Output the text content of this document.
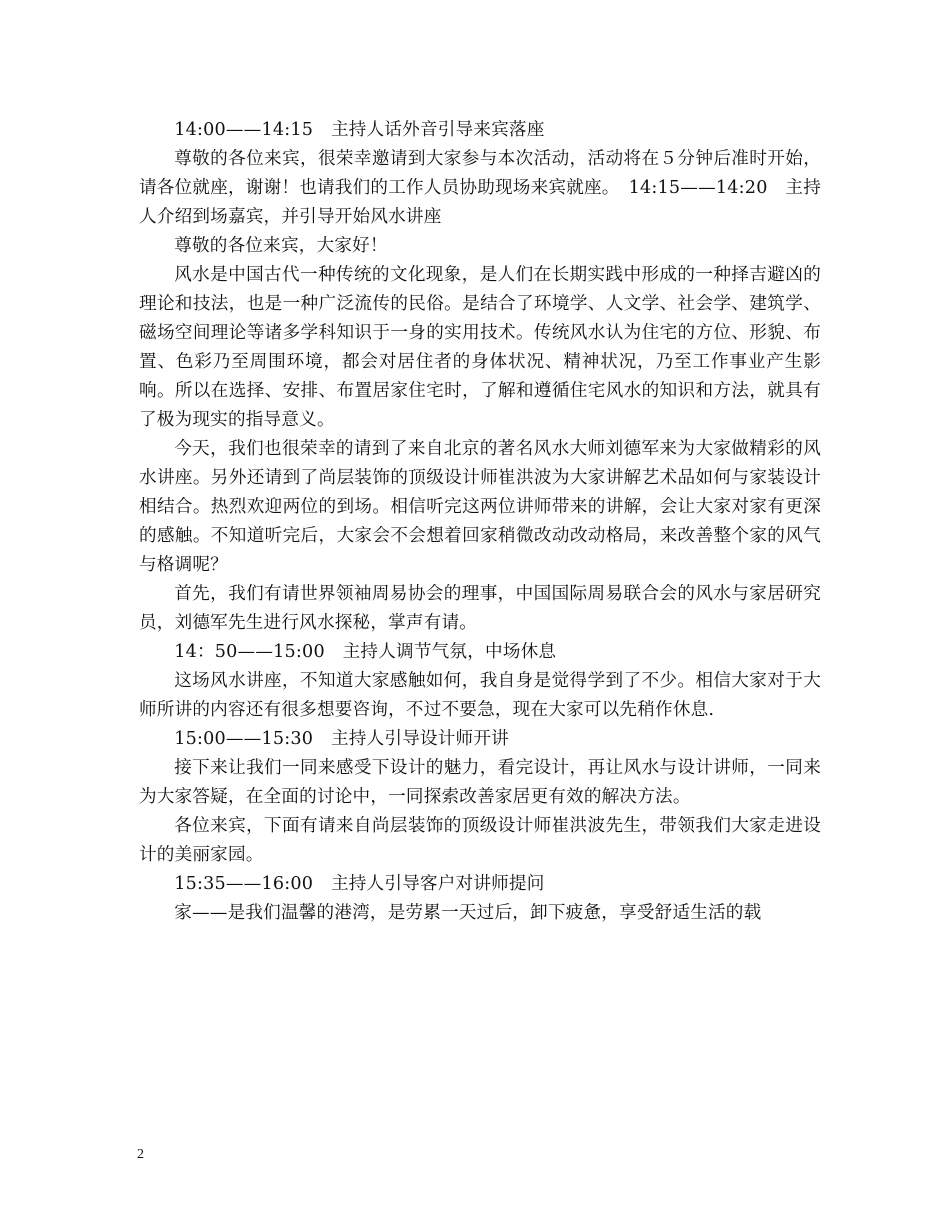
14:00——14:15　主持人话外音引导来宾落座

尊敬的各位来宾，很荣幸邀请到大家参与本次活动，活动将在５分钟后准时开始，请各位就座，谢谢！也请我们的工作人员协助现场来宾就座。　14:15——14:20　主持人介绍到场嘉宾，并引导开始风水讲座

尊敬的各位来宾，大家好！

风水是中国古代一种传统的文化现象，是人们在长期实践中形成的一种择吉避凶的理论和技法，也是一种广泛流传的民俗。是结合了环境学、人文学、社会学、建筑学、磁场空间理论等诸多学科知识于一身的实用技术。传统风水认为住宅的方位、形貌、布置、色彩乃至周围环境，都会对居住者的身体状况、精神状况，乃至工作事业产生影响。所以在选择、安排、布置居家住宅时，了解和遵循住宅风水的知识和方法，就具有了极为现实的指导意义。

今天，我们也很荣幸的请到了来自北京的著名风水大师刘德军来为大家做精彩的风水讲座。另外还请到了尚层装饰的顶级设计师崔洪波为大家讲解艺术品如何与家装设计相结合。热烈欢迎两位的到场。相信听完这两位讲师带来的讲解，会让大家对家有更深的感触。不知道听完后，大家会不会想着回家稍微改动改动格局，来改善整个家的风气与格调呢？

首先，我们有请世界领袖周易协会的理事，中国国际周易联合会的风水与家居研究员，刘德军先生进行风水探秘，掌声有请。

14：50——15:00　主持人调节气氛，中场休息

这场风水讲座，不知道大家感触如何，我自身是觉得学到了不少。相信大家对于大师所讲的内容还有很多想要咨询，不过不要急，现在大家可以先稍作休息.

15:00——15:30　主持人引导设计师开讲

接下来让我们一同来感受下设计的魅力，看完设计，再让风水与设计讲师，一同来为大家答疑，在全面的讨论中，一同探索改善家居更有效的解决方法。

各位来宾，下面有请来自尚层装饰的顶级设计师崔洪波先生，带领我们大家走进设计的美丽家园。

15:35——16:00　主持人引导客户对讲师提问

家——是我们温馨的港湾，是劳累一天过后，卸下疲惫，享受舒适生活的载

2
